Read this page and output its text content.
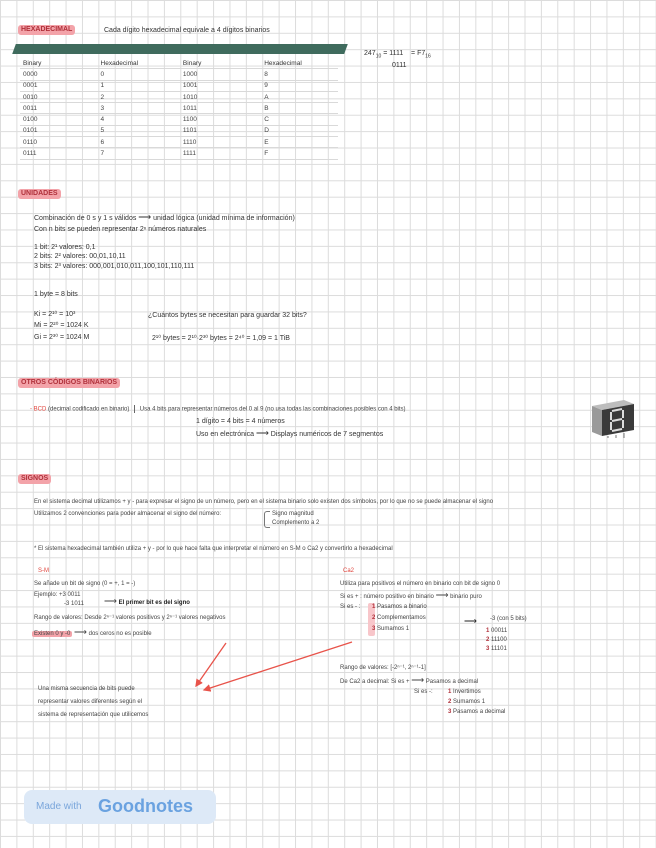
HEXADECIMAL	Cada dígito hexadecimal equivale a 4 dígitos binarios
Binary	Hexadecimal	Binary	Hexadecimal
0000	0	1000	8
0001	1	1001	9
0010	2	1010	A
0011	3	1011	B
0100	4	1100	C
0101	5	1101	D
0110	6	1110	E
0111	7	1111	F
$247_{10} = 1111 = F7_{16}$
0111
UNIDADES
Combinación de 0 s y 1 s válidos ⟶ unidad lógica (unidad mínima de información)
Con n bits se pueden representar 2ⁿ números naturales
1 bit: 2¹ valores: 0,1
2 bits: 2² valores: 00,01,10,11
3 bits: 2³ valores: 000,001,010,011,100,101,110,111
1 byte = 8 bits
Ki = 2¹⁰ = 10³
Mi = 2²⁰ = 1024 K
Gi = 2³⁰ = 1024 M
¿Cuántos bytes se necesitan para guardar 32 bits?
2¹⁰ bytes = 2¹⁰·2³⁰ bytes = 2⁴⁰ = 1,09 = 1 TiB
OTROS CÓDIGOS BINARIOS
- BCD (decimal codificado en binario) Usa 4 bits para representar números del 0 al 9 (no usa todas las combinaciones posibles con 4 bits)
1 dígito = 4 bits = 4 números
Uso en electrónica ⟶ Displays numéricos de 7 segmentos
SIGNOS
En el sistema decimal utilizamos + y - para expresar el signo de un número, pero en el sistema binario solo existen dos símbolos, por lo que no se puede almacenar el signo
Utilizamos 2 convenciones para poder almacenar el signo del número:	Signo magnitud
Complemento a 2
* El sistema hexadecimal también utiliza + y - por lo que hace falta que interpretar el número en S-M o Ca2 y convertirlo a hexadecimal
S-M
Se añade un bit de signo (0 = +, 1 = -)
Ejemplo: +3 0011
-3 1011 ⟶ El primer bit es del signo
Rango de valores: Desde 2ⁿ⁻¹ valores positivos y 2ⁿ⁻¹ valores negativos
Existen 0 y -0 ⟶ dos ceros no es posible
Ca2
Utiliza para positivos el número en binario con bit de signo 0
Si es + : número positivo en binario ⟶ binario puro
Si es - : 1 Pasamos a binario
2 Complementamos
3 Sumamos 1
⟶ -3 (con 5 bits)
1 00011
2 11100
3 11101
Rango de valores: [-2ⁿ⁻¹, 2ⁿ⁻¹-1]
De Ca2 a decimal: Si es + ⟶ Pasamos a decimal
Si es -:	1 Invertimos
2 Sumamos 1
3 Pasamos a decimal
Una misma secuencia de bits puede
representar valores diferentes según el
sistema de representación que utilicemos
Made with Goodnotes
